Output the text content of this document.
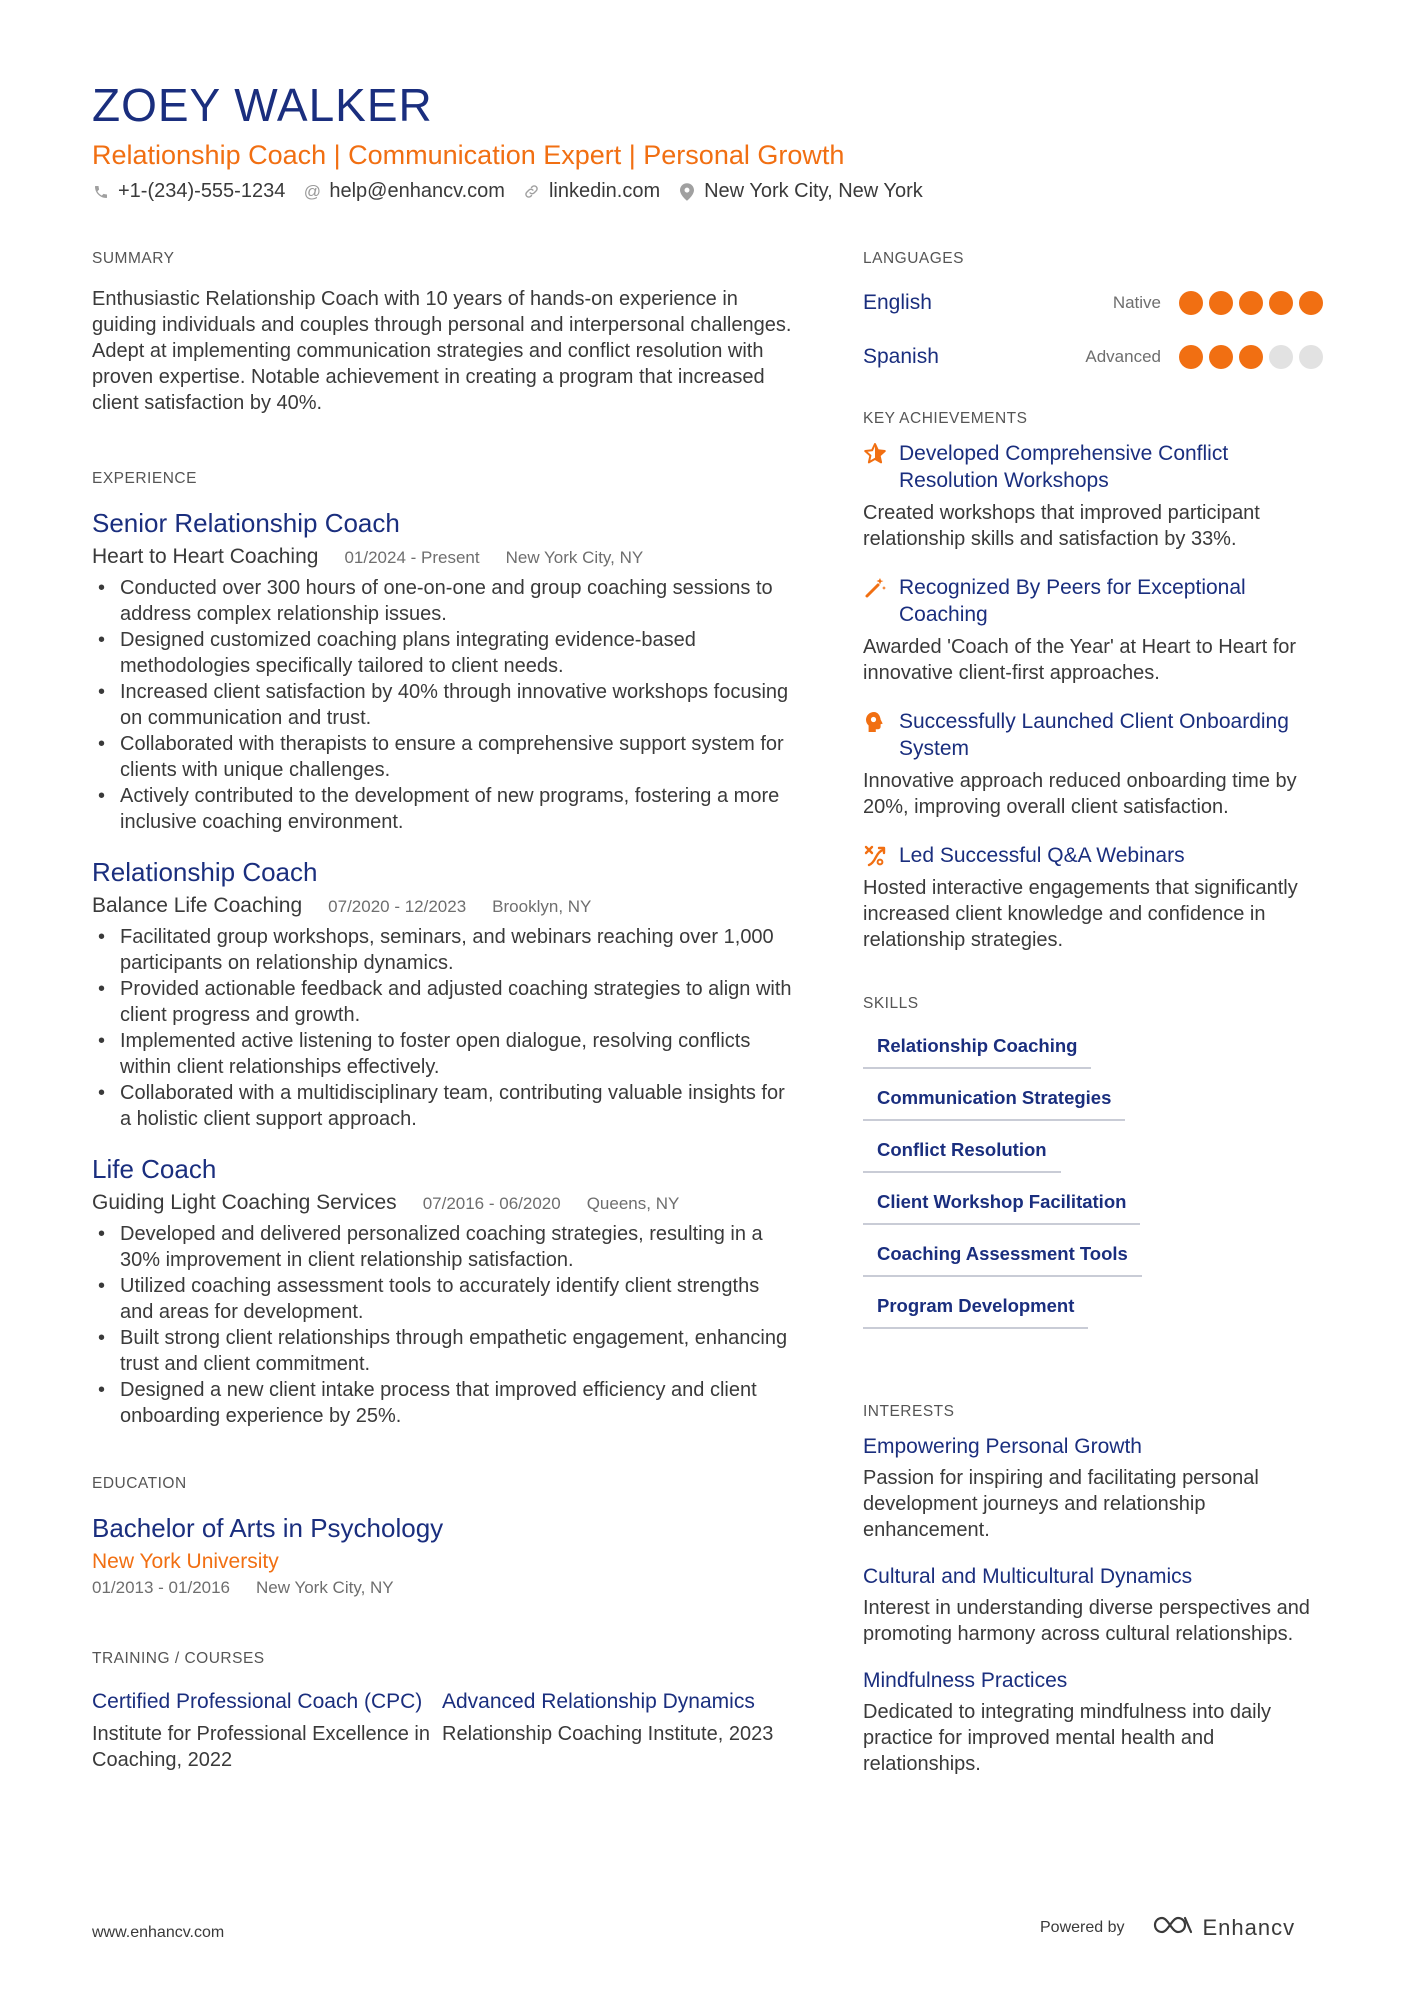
ZOEY WALKER
Relationship Coach | Communication Expert | Personal Growth
+1-(234)-555-1234 @ help@enhancv.com linkedin.com New York City, New York
SUMMARY

Enthusiastic Relationship Coach with 10 years of hands-on experience in guiding individuals and couples through personal and interpersonal challenges. Adept at implementing communication strategies and conflict resolution with proven expertise. Notable achievement in creating a program that increased client satisfaction by 40%.

EXPERIENCE
Senior Relationship Coach
Heart to Heart Coaching 01/2024 - Present New York City, NY
• Conducted over 300 hours of one-on-one and group coaching sessions to address complex relationship issues.
• Designed customized coaching plans integrating evidence-based methodologies specifically tailored to client needs.
• Increased client satisfaction by 40% through innovative workshops focusing on communication and trust.
• Collaborated with therapists to ensure a comprehensive support system for clients with unique challenges.
• Actively contributed to the development of new programs, fostering a more inclusive coaching environment.
Relationship Coach
Balance Life Coaching 07/2020 - 12/2023 Brooklyn, NY
• Facilitated group workshops, seminars, and webinars reaching over 1,000 participants on relationship dynamics.
• Provided actionable feedback and adjusted coaching strategies to align with client progress and growth.
• Implemented active listening to foster open dialogue, resolving conflicts within client relationships effectively.
• Collaborated with a multidisciplinary team, contributing valuable insights for a holistic client support approach.
Life Coach
Guiding Light Coaching Services 07/2016 - 06/2020 Queens, NY
• Developed and delivered personalized coaching strategies, resulting in a 30% improvement in client relationship satisfaction.
• Utilized coaching assessment tools to accurately identify client strengths and areas for development.
• Built strong client relationships through empathetic engagement, enhancing trust and client commitment.
• Designed a new client intake process that improved efficiency and client onboarding experience by 25%.
EDUCATION
Bachelor of Arts in Psychology
New York University
01/2013 - 01/2016 New York City, NY
TRAINING / COURSES
Certified Professional Coach (CPC)
Institute for Professional Excellence in Coaching, 2022
Advanced Relationship Dynamics
Relationship Coaching Institute, 2023
LANGUAGES
English	Native
Spanish	Advanced
KEY ACHIEVEMENTS
Developed Comprehensive Conflict Resolution Workshops
Created workshops that improved participant relationship skills and satisfaction by 33%.
Recognized By Peers for Exceptional Coaching
Awarded 'Coach of the Year' at Heart to Heart for innovative client-first approaches.
Successfully Launched Client Onboarding System
Innovative approach reduced onboarding time by 20%, improving overall client satisfaction.
Led Successful Q&A Webinars
Hosted interactive engagements that significantly increased client knowledge and confidence in relationship strategies.
SKILLS
Relationship Coaching
Communication Strategies
Conflict Resolution
Client Workshop Facilitation
Coaching Assessment Tools
Program Development
INTERESTS
Empowering Personal Growth
Passion for inspiring and facilitating personal development journeys and relationship enhancement.
Cultural and Multicultural Dynamics
Interest in understanding diverse perspectives and promoting harmony across cultural relationships.
Mindfulness Practices
Dedicated to integrating mindfulness into daily practice for improved mental health and relationships.
www.enhancv.com	Powered by	Enhancv
